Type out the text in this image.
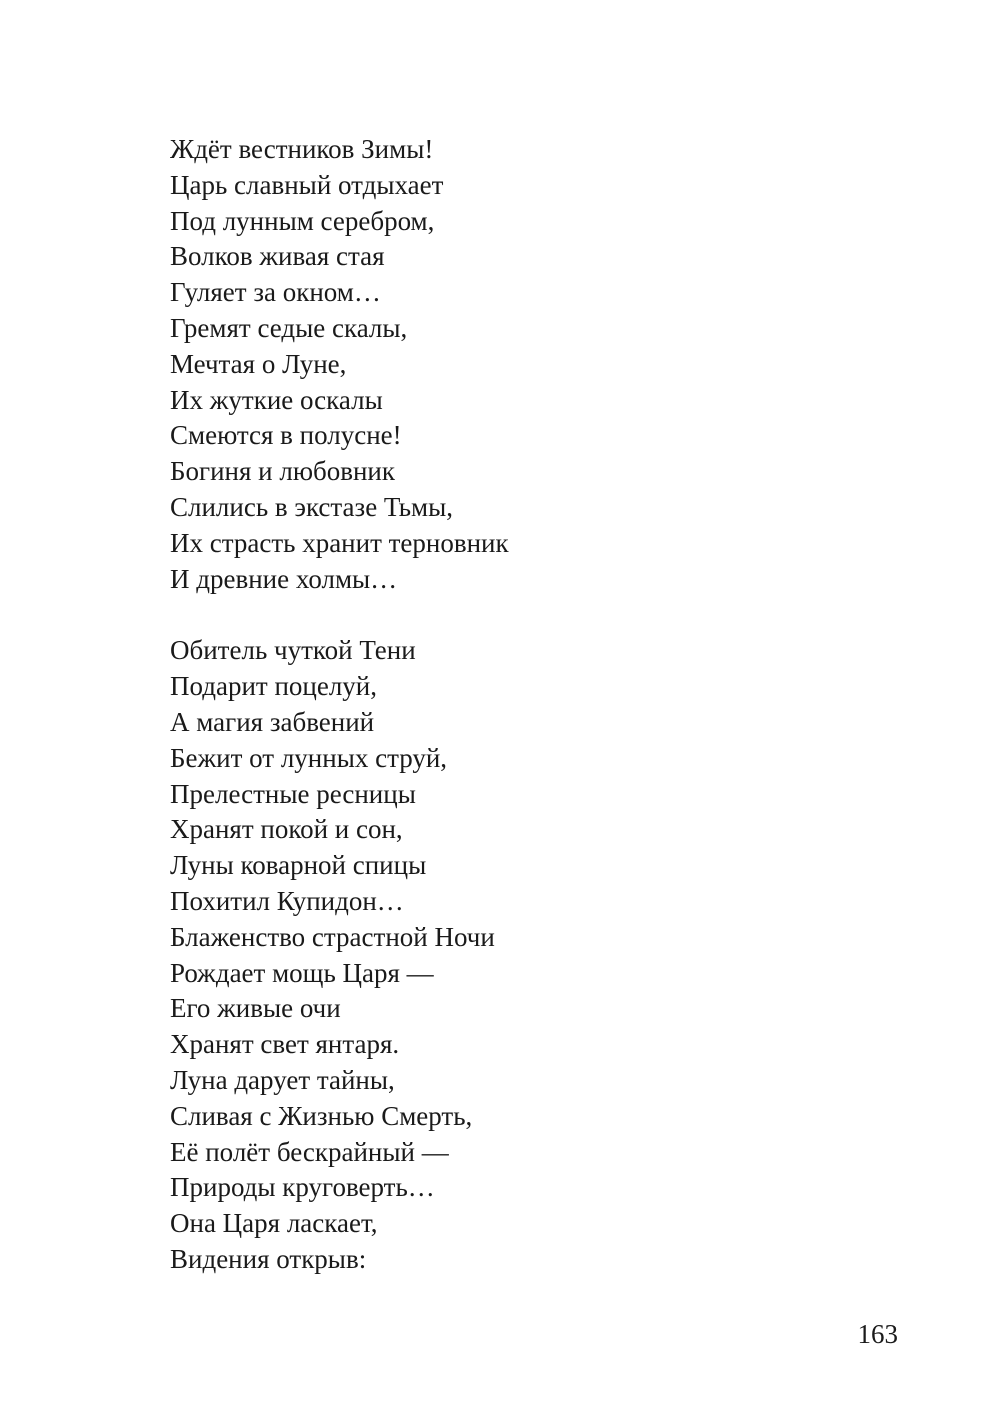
Ждёт вестников Зимы!
Царь славный отдыхает
Под лунным серебром,
Волков живая стая
Гуляет за окном…
Гремят седые скалы,
Мечтая о Луне,
Их жуткие оскалы
Смеются в полусне!
Богиня и любовник
Слились в экстазе Тьмы,
Их страсть хранит терновник
И древние холмы…
Обитель чуткой Тени
Подарит поцелуй,
А магия забвений
Бежит от лунных струй,
Прелестные ресницы
Хранят покой и сон,
Луны коварной спицы
Похитил Купидон…
Блаженство страстной Ночи
Рождает мощь Царя —
Его живые очи
Хранят свет янтаря.
Луна дарует тайны,
Сливая с Жизнью Смерть,
Её полёт бескрайный —
Природы круговерть…
Она Царя ласкает,
Видения открыв:
163
